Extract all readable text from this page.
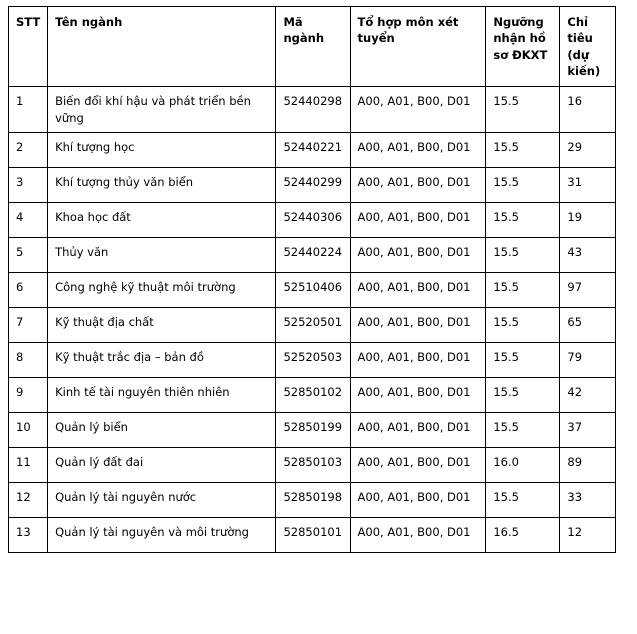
STT	Tên ngành	Mã ngành	Tổ hợp môn xét tuyển	Ngưỡng nhận hồ sơ ĐKXT	Chỉ tiêu (dự kiến)
1	Biến đổi khí hậu và phát triển bền vững	52440298	A00, A01, B00, D01	15.5	16
2	Khí tượng học	52440221	A00, A01, B00, D01	15.5	29
3	Khí tượng thủy văn biển	52440299	A00, A01, B00, D01	15.5	31
4	Khoa học đất	52440306	A00, A01, B00, D01	15.5	19
5	Thủy văn	52440224	A00, A01, B00, D01	15.5	43
6	Công nghệ kỹ thuật môi trường	52510406	A00, A01, B00, D01	15.5	97
7	Kỹ thuật địa chất	52520501	A00, A01, B00, D01	15.5	65
8	Kỹ thuật trắc địa – bản đồ	52520503	A00, A01, B00, D01	15.5	79
9	Kinh tế tài nguyên thiên nhiên	52850102	A00, A01, B00, D01	15.5	42
10	Quản lý biển	52850199	A00, A01, B00, D01	15.5	37
11	Quản lý đất đai	52850103	A00, A01, B00, D01	16.0	89
12	Quản lý tài nguyên nước	52850198	A00, A01, B00, D01	15.5	33
13	Quản lý tài nguyên và môi trường	52850101	A00, A01, B00, D01	16.5	12
